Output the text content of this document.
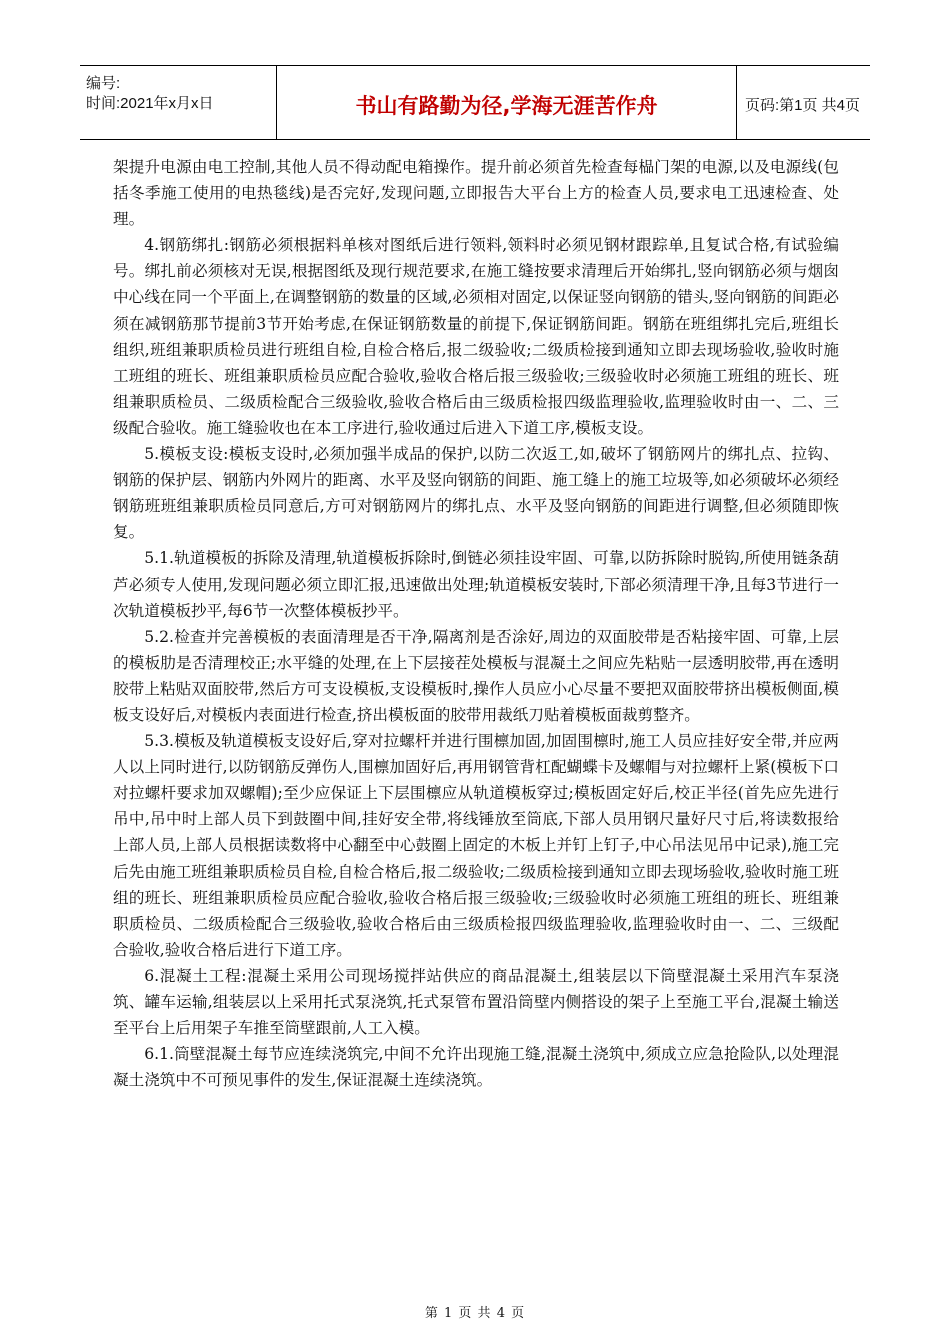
编号:
时间:2021年x月x日	书山有路勤为径,学海无涯苦作舟	页码:第1页 共4页

架提升电源由电工控制,其他人员不得动配电箱操作。提升前必须首先检查每榀门架的电源,以及电源线(包括冬季施工使用的电热毯线)是否完好,发现问题,立即报告大平台上方的检查人员,要求电工迅速检查、处理。

4.钢筋绑扎:钢筋必须根据料单核对图纸后进行领料,领料时必须见钢材跟踪单,且复试合格,有试验编号。绑扎前必须核对无误,根据图纸及现行规范要求,在施工缝按要求清理后开始绑扎,竖向钢筋必须与烟囱中心线在同一个平面上,在调整钢筋的数量的区域,必须相对固定,以保证竖向钢筋的错头,竖向钢筋的间距必须在减钢筋那节提前3节开始考虑,在保证钢筋数量的前提下,保证钢筋间距。钢筋在班组绑扎完后,班组长组织,班组兼职质检员进行班组自检,自检合格后,报二级验收;二级质检接到通知立即去现场验收,验收时施工班组的班长、班组兼职质检员应配合验收,验收合格后报三级验收;三级验收时必须施工班组的班长、班组兼职质检员、二级质检配合三级验收,验收合格后由三级质检报四级监理验收,监理验收时由一、二、三级配合验收。施工缝验收也在本工序进行,验收通过后进入下道工序,模板支设。

5.模板支设:模板支设时,必须加强半成品的保护,以防二次返工,如,破坏了钢筋网片的绑扎点、拉钩、钢筋的保护层、钢筋内外网片的距离、水平及竖向钢筋的间距、施工缝上的施工垃圾等,如必须破坏必须经钢筋班班组兼职质检员同意后,方可对钢筋网片的绑扎点、水平及竖向钢筋的间距进行调整,但必须随即恢复。

5.1.轨道模板的拆除及清理,轨道模板拆除时,倒链必须挂设牢固、可靠,以防拆除时脱钩,所使用链条葫芦必须专人使用,发现问题必须立即汇报,迅速做出处理;轨道模板安装时,下部必须清理干净,且每3节进行一次轨道模板抄平,每6节一次整体模板抄平。

5.2.检查并完善模板的表面清理是否干净,隔离剂是否涂好,周边的双面胶带是否粘接牢固、可靠,上层的模板肋是否清理校正;水平缝的处理,在上下层接茬处模板与混凝土之间应先粘贴一层透明胶带,再在透明胶带上粘贴双面胶带,然后方可支设模板,支设模板时,操作人员应小心尽量不要把双面胶带挤出模板侧面,模板支设好后,对模板内表面进行检查,挤出模板面的胶带用裁纸刀贴着模板面裁剪整齐。

5.3.模板及轨道模板支设好后,穿对拉螺杆并进行围檩加固,加固围檩时,施工人员应挂好安全带,并应两人以上同时进行,以防钢筋反弹伤人,围檩加固好后,再用钢管背杠配蝴蝶卡及螺帽与对拉螺杆上紧(模板下口对拉螺杆要求加双螺帽);至少应保证上下层围檩应从轨道模板穿过;模板固定好后,校正半径(首先应先进行吊中,吊中时上部人员下到鼓圈中间,挂好安全带,将线锤放至筒底,下部人员用钢尺量好尺寸后,将读数报给上部人员,上部人员根据读数将中心翻至中心鼓圈上固定的木板上并钉上钉子,中心吊法见吊中记录),施工完后先由施工班组兼职质检员自检,自检合格后,报二级验收;二级质检接到通知立即去现场验收,验收时施工班组的班长、班组兼职质检员应配合验收,验收合格后报三级验收;三级验收时必须施工班组的班长、班组兼职质检员、二级质检配合三级验收,验收合格后由三级质检报四级监理验收,监理验收时由一、二、三级配合验收,验收合格后进行下道工序。

6.混凝土工程:混凝土采用公司现场搅拌站供应的商品混凝土,组装层以下筒壁混凝土采用汽车泵浇筑、罐车运输,组装层以上采用托式泵浇筑,托式泵管布置沿筒壁内侧搭设的架子上至施工平台,混凝土输送至平台上后用架子车推至筒壁跟前,人工入模。

6.1.筒壁混凝土每节应连续浇筑完,中间不允许出现施工缝,混凝土浇筑中,须成立应急抢险队,以处理混凝土浇筑中不可预见事件的发生,保证混凝土连续浇筑。

第 1 页 共 4 页
